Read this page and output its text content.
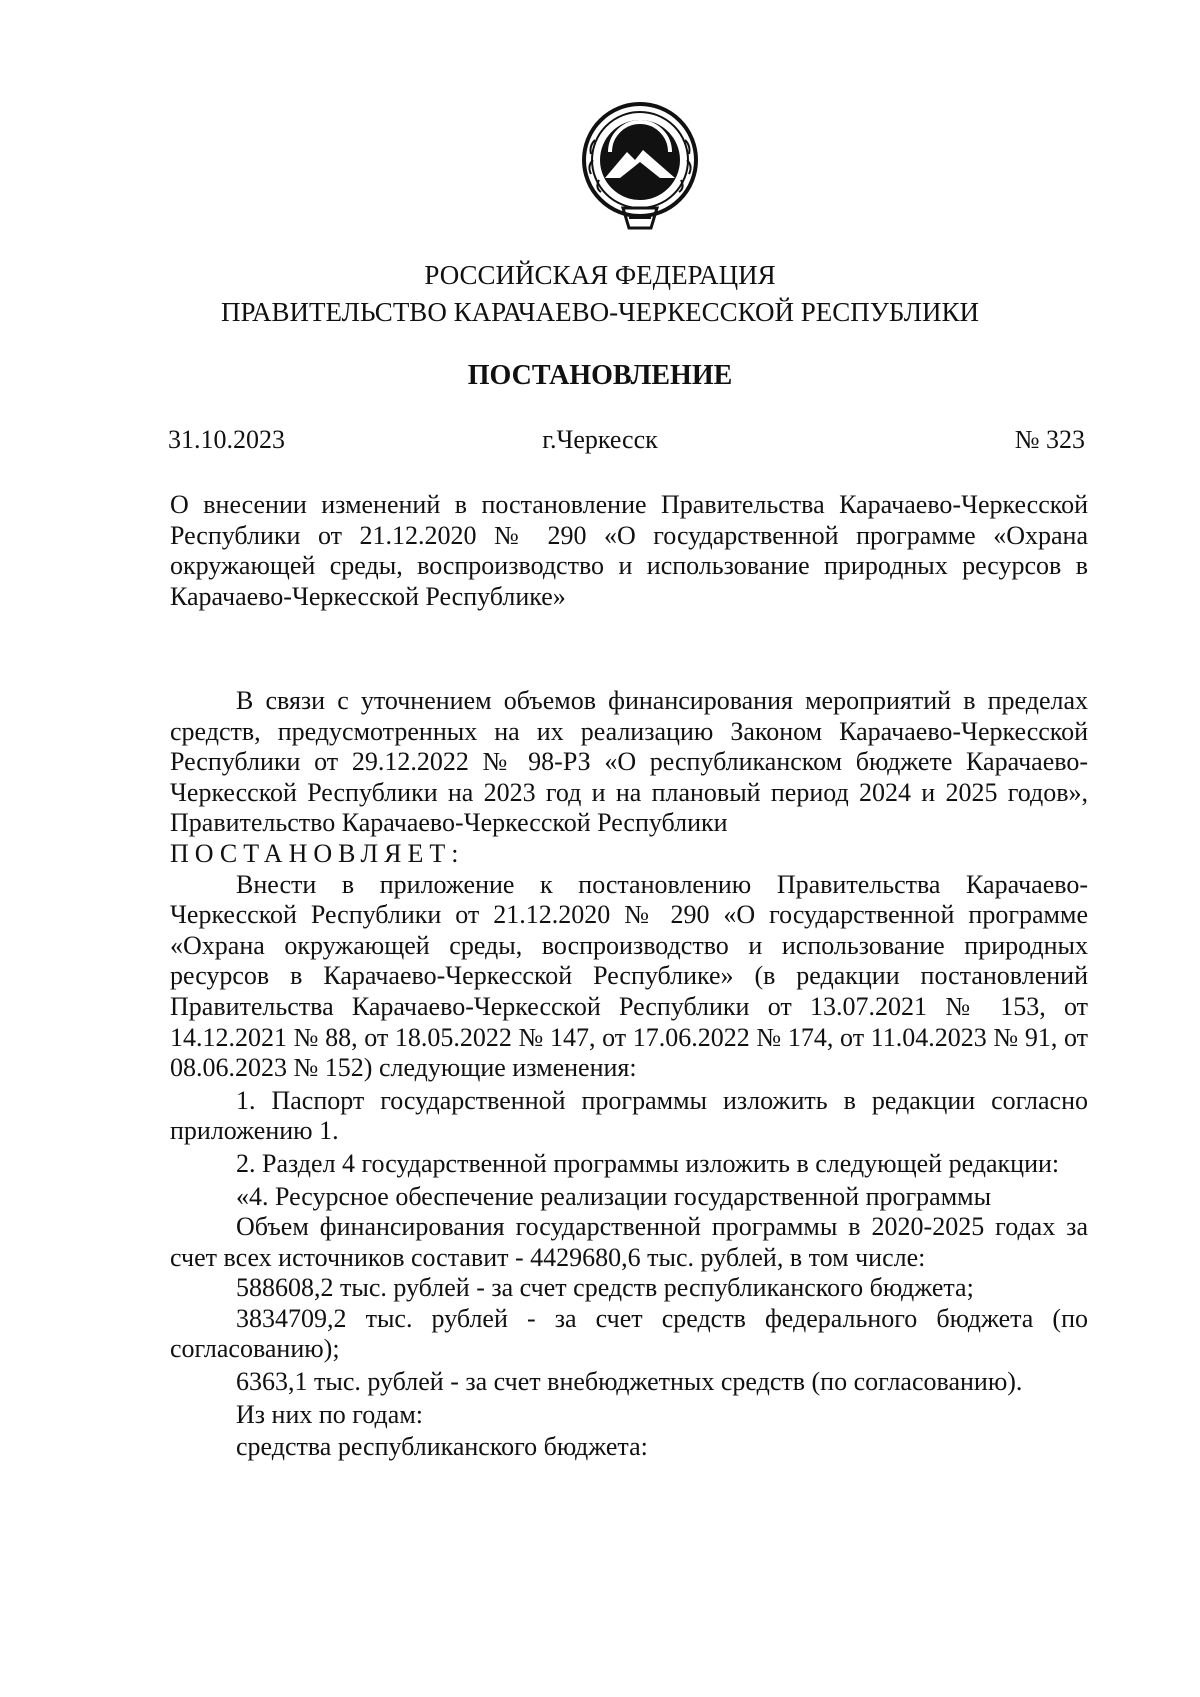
РОССИЙСКАЯ ФЕДЕРАЦИЯ
ПРАВИТЕЛЬСТВО КАРАЧАЕВО-ЧЕРКЕССКОЙ РЕСПУБЛИКИ
ПОСТАНОВЛЕНИЕ
31.10.2023	г.Черкесск	№ 323
О внесении изменений в постановление Правительства Карачаево-Черкесской Республики от 21.12.2020 № 290 «О государственной программе «Охрана окружающей среды, воспроизводство и использование природных ресурсов в Карачаево-Черкесской Республике»

В связи с уточнением объемов финансирования мероприятий в пределах средств, предусмотренных на их реализацию Законом Карачаево-Черкесской Республики от 29.12.2022 № 98-РЗ «О республиканском бюджете Карачаево-Черкесской Республики на 2023 год и на плановый период 2024 и 2025 годов», Правительство Карачаево-Черкесской Республики

ПОСТАНОВЛЯЕТ:

Внести в приложение к постановлению Правительства Карачаево-Черкесской Республики от 21.12.2020 № 290 «О государственной программе «Охрана окружающей среды, воспроизводство и использование природных ресурсов в Карачаево-Черкесской Республике» (в редакции постановлений Правительства Карачаево-Черкесской Республики от 13.07.2021 № 153, от 14.12.2021 № 88, от 18.05.2022 № 147, от 17.06.2022 № 174, от 11.04.2023 № 91, от 08.06.2023 № 152) следующие изменения:

1. Паспорт государственной программы изложить в редакции согласно приложению 1.

2. Раздел 4 государственной программы изложить в следующей редакции:

«4. Ресурсное обеспечение реализации государственной программы

Объем финансирования государственной программы в 2020-2025 годах за счет всех источников составит - 4429680,6 тыс. рублей, в том числе:

588608,2 тыс. рублей - за счет средств республиканского бюджета;

3834709,2 тыс. рублей - за счет средств федерального бюджета (по согласованию);

6363,1 тыс. рублей - за счет внебюджетных средств (по согласованию).

Из них по годам:

средства республиканского бюджета:
